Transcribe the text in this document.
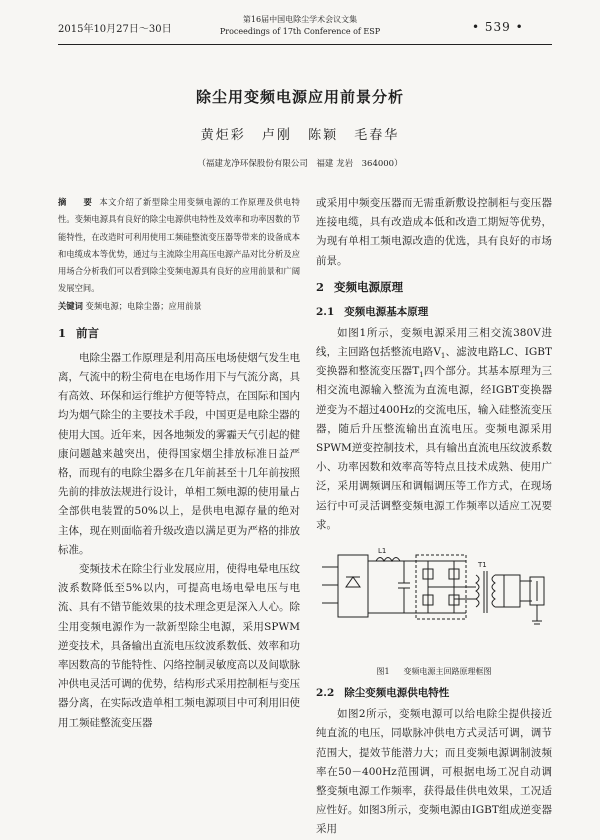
2015年10月27日～30日
第16届中国电除尘学术会议文集
Proceedings of 17th Conference of ESP	• 539 •
除尘用变频电源应用前景分析
黄炬彩 卢刚 陈颖 毛春华
（福建龙净环保股份有限公司　福建 龙岩　364000）

摘　要 本文介绍了新型除尘用变频电源的工作原理及供电特性。变频电源具有良好的除尘电源供电特性及效率和功率因数的节能特性，在改造时可利用使用工频硅整流变压器等带来的设备成本和电缆成本等优势，通过与主流除尘用高压电源产品对比分析及应用场合分析我们可以看到除尘变频电源具有良好的应用前景和广阔发展空间。

关键词 变频电源；电除尘器；应用前景

1 前言

电除尘器工作原理是利用高压电场使烟气发生电离，气流中的粉尘荷电在电场作用下与气流分离，具有高效、环保和运行维护方便等特点，在国际和国内均为烟气除尘的主要技术手段，中国更是电除尘器的使用大国。近年来，因各地频发的雾霾天气引起的健康问题越来越突出，使得国家烟尘排放标准日益严格，而现有的电除尘器多在几年前甚至十几年前按照先前的排放法规进行设计，单相工频电源的使用量占全部供电装置的50%以上，是供电电源存量的绝对主体，现在则面临着升级改造以满足更为严格的排放标准。

变频技术在除尘行业发展应用，使得电晕电压纹波系数降低至5%以内，可提高电场电晕电压与电流、具有不错节能效果的技术理念更是深入人心。除尘用变频电源作为一款新型除尘电源，采用SPWM逆变技术，具备输出直流电压纹波系数低、效率和功率因数高的节能特性、闪络控制灵敏度高以及间歇脉冲供电灵活可调的优势，结构形式采用控制柜与变压器分离，在实际改造单相工频电源项目中可利用旧使用工频硅整流变压器

或采用中频变压器而无需重新敷设控制柜与变压器连接电缆，具有改造成本低和改造工期短等优势，为现有单相工频电源改造的优选，具有良好的市场前景。

2 变频电源原理
2.1 变频电源基本原理

如图1所示，变频电源采用三相交流380V进线，主回路包括整流电路$V_1$、滤波电路LC、IGBT变换器和整流变压器$T_1$四个部分。其基本原理为三相交流电源输入整流为直流电源，经IGBT变换器逆变为不超过400Hz的交流电压，输入硅整流变压器，随后升压整流输出直流电压。变频电源采用SPWM逆变控制技术，具有输出直流电压纹波系数小、功率因数和效率高等特点且技术成熟、使用广泛，采用调频调压和调幅调压等工作方式，在现场运行中可灵活调整变频电源工作频率以适应工况要求。

L1
T1
图1 变频电源主回路原理框图
2.2 除尘变频电源供电特性

如图2所示，变频电源可以给电除尘提供接近纯直流的电压，同歇脉冲供电方式灵活可调，调节范围大，提效节能潜力大；而且变频电源调制波频率在50－400Hz范围调，可根据电场工况自动调整变频电源工作频率，获得最佳供电效果，工况适应性好。如图3所示，变频电源由IGBT组成逆变器采用
